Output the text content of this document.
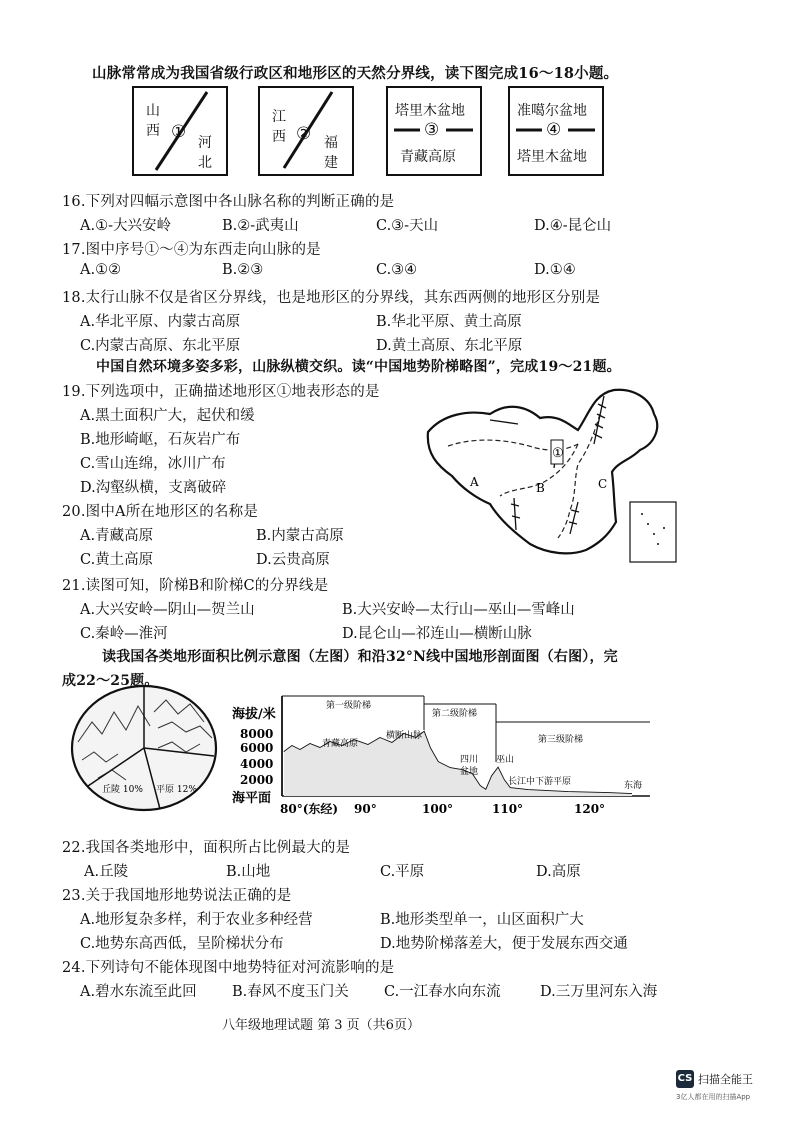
山脉常常成为我国省级行政区和地形区的天然分界线，读下图完成16～18小题。
山
西 ①
河
北
江
西 ② 福
建
塔里木盆地
③
青藏高原
准噶尔盆地
④
塔里木盆地
16.下列对四幅示意图中各山脉名称的判断正确的是
A.①-大兴安岭	B.②-武夷山	C.③-天山	D.④-昆仑山
17.图中序号①～④为东西走向山脉的是
A.①②	B.②③	C.③④	D.①④
18.太行山脉不仅是省区分界线，也是地形区的分界线，其东西两侧的地形区分别是
A.华北平原、内蒙古高原	B.华北平原、黄土高原
C.内蒙古高原、东北平原	D.黄土高原、东北平原
中国自然环境多姿多彩，山脉纵横交织。读“中国地势阶梯略图”，完成19～21题。
19.下列选项中，正确描述地形区①地表形态的是
A.黑土面积广大，起伏和缓
B.地形崎岖，石灰岩广布
C.雪山连绵，冰川广布
D.沟壑纵横，支离破碎
①
A	B	C
20.图中A所在地形区的名称是
A.青藏高原	B.内蒙古高原
C.黄土高原	D.云贵高原
21.读图可知，阶梯B和阶梯C的分界线是
A.大兴安岭—阴山—贺兰山	B.大兴安岭—太行山—巫山—雪峰山
C.秦岭—淮河	D.昆仑山—祁连山—横断山脉
读我国各类地形面积比例示意图（左图）和沿32°N线中国地形剖面图（右图），完
成22～25题。
丘陵 10% 平原 12%
海拔/米
8000
6000
4000
2000
海平面
第一级阶梯
第二级阶梯
第三级阶梯
青藏高原
横断山脉
四川
盆地
巫山
长江中下游平原	东海
80°(东经) 90°	100°	110°	120°
22.我国各类地形中，面积所占比例最大的是
A.丘陵	B.山地	C.平原	D.高原
23.关于我国地形地势说法正确的是
A.地形复杂多样，利于农业多种经营	B.地形类型单一，山区面积广大
C.地势东高西低，呈阶梯状分布	D.地势阶梯落差大，便于发展东西交通
24.下列诗句不能体现图中地势特征对河流影响的是
A.碧水东流至此回 B.春风不度玉门关 C.一江春水向东流	D.三万里河东入海
八年级地理试题 第 3 页（共6页）
CS 扫描全能王
3亿人都在用的扫描App
